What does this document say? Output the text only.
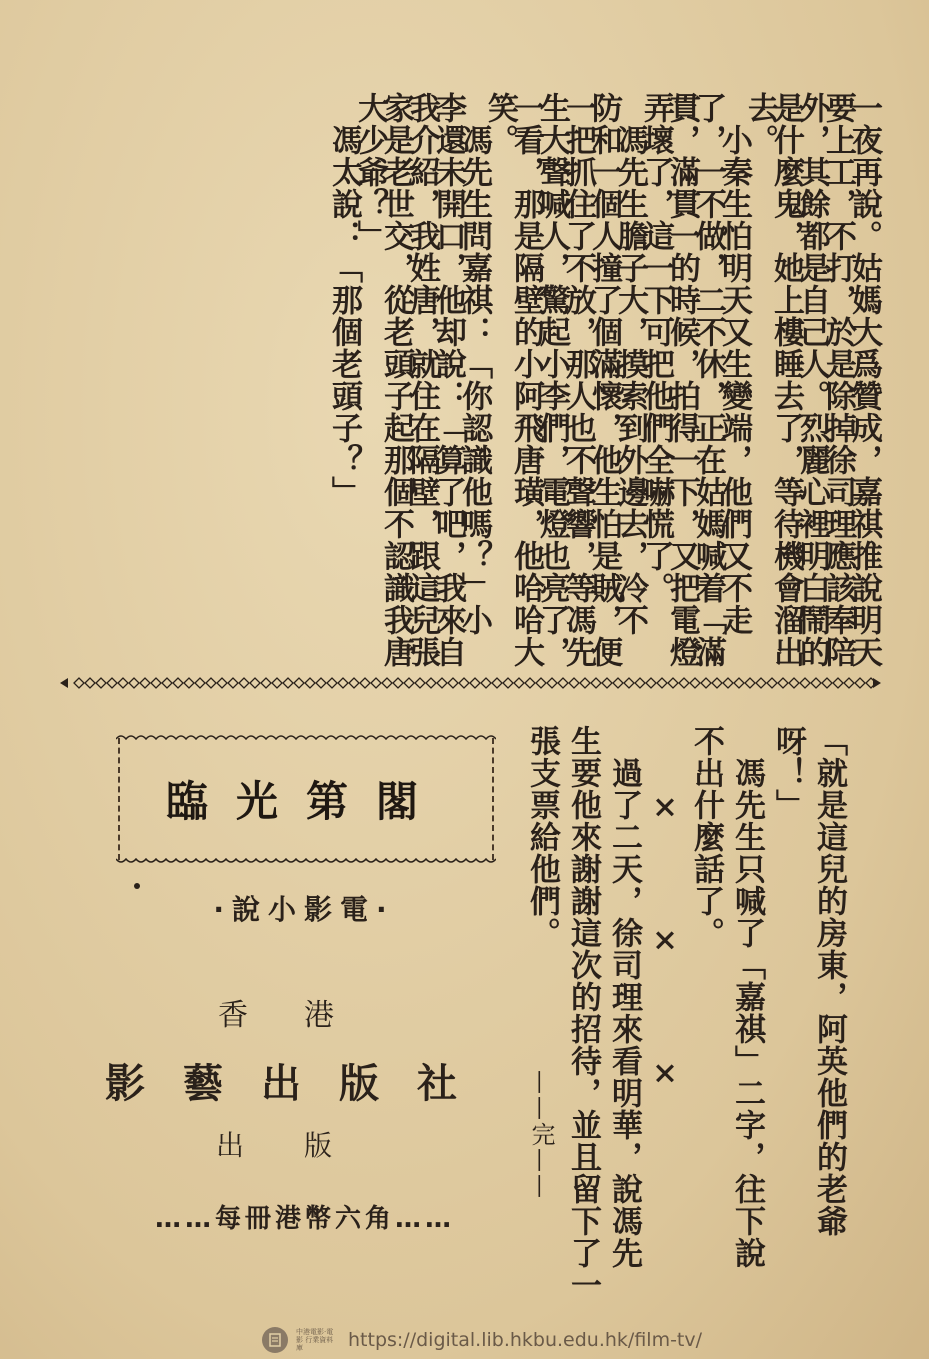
一夜再說。姑媽大爲贊成，嘉祺推說明天
要上工，不打，於是除掉徐司理應該奉陪
外，其餘都是自己人。烈麗心裡明白鬧的
是什麼鬼，她上樓睡去了，等待機會溜出
去。
　小秦生怕明天又生變端，他們又不走
了，一不做，二不休，正在姑媽喊着「滿
貫，滿貫一的時候，拍得一下，又把電燈
弄壞了，這一下可把他們全嚇慌了。
　馮先生膽子大，摸索到外邊去，冷不
防和一個人撞了個滿懷，他生怕是賊，便
一把抓住了不放，那人也不聲響，等馮先
生大聲喊人，驚起小李們，電燈也亮了，
一看，那是隔壁的小阿飛唐璜，他哈哈大
笑。
　馮先生問嘉祺：「你認識他嗎？」小
李還未開口，他却說：「算了吧，我來自
我介紹，我姓唐，就住在隔壁，跟這兒張
家是老世交，從老頭子起那個不認識我唐
大少爺？」
　馮太說：「那個老頭子？」
「就是這兒的房東，阿英他們的老爺
呀！」
　馮先生只喊了「嘉祺」二字，往下說
不出什麼話了。
　　×　　　×　　　×
　過了二天，徐司理來看明華，說馮先
生要他來謝謝這次的招待，並且留下了一
張支票給他們。
——完——
臨光第閣
·說小影電·
香港
影藝出版社
出版
……每冊港幣六角……
中港電影·電影 行業資料庫	https://digital.lib.hkbu.edu.hk/film-tv/
